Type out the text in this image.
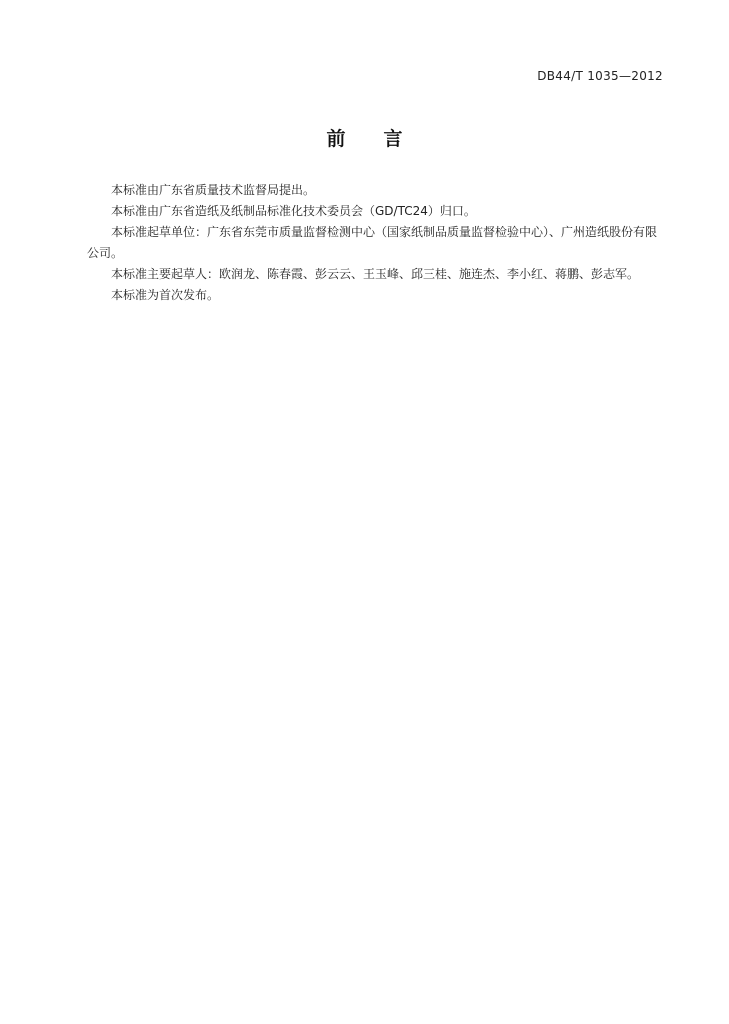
DB44/T 1035—2012
前言

本标准由广东省质量技术监督局提出。

本标准由广东省造纸及纸制品标准化技术委员会（GD/TC24）归口。

本标准起草单位：广东省东莞市质量监督检测中心（国家纸制品质量监督检验中心）、广州造纸股份有限公司。

本标准主要起草人：欧润龙、陈春霞、彭云云、王玉峰、邱三桂、施连杰、李小红、蒋鹏、彭志军。

本标准为首次发布。
